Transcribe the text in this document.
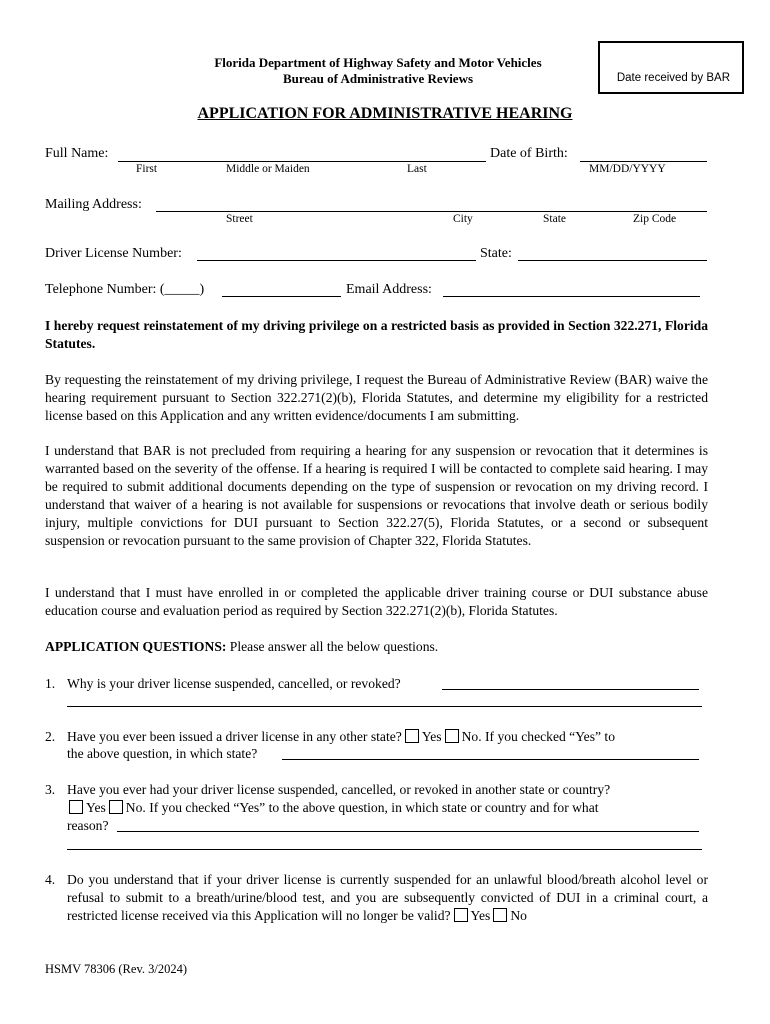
Florida Department of Highway Safety and Motor Vehicles
Bureau of Administrative Reviews	Date received by BAR
APPLICATION FOR ADMINISTRATIVE HEARING
Full Name:	Date of Birth:
First	Middle or Maiden	Last	MM/DD/YYYY
Mailing Address:
Street	City	State	Zip Code
Driver License Number:	State:
Telephone Number: (_____)	Email Address:
I hereby request reinstatement of my driving privilege on a restricted basis as provided in Section 322.271, Florida Statutes.
By requesting the reinstatement of my driving privilege, I request the Bureau of Administrative Review (BAR) waive the hearing requirement pursuant to Section 322.271(2)(b), Florida Statutes, and determine my eligibility for a restricted license based on this Application and any written evidence/documents I am submitting.
I understand that BAR is not precluded from requiring a hearing for any suspension or revocation that it determines is warranted based on the severity of the offense. If a hearing is required I will be contacted to complete said hearing. I may be required to submit additional documents depending on the type of suspension or revocation on my driving record. I understand that waiver of a hearing is not available for suspensions or revocations that involve death or serious bodily injury, multiple convictions for DUI pursuant to Section 322.27(5), Florida Statutes, or a second or subsequent suspension or revocation pursuant to the same provision of Chapter 322, Florida Statutes.
I understand that I must have enrolled in or completed the applicable driver training course or DUI substance abuse education course and evaluation period as required by Section 322.271(2)(b), Florida Statutes.
APPLICATION QUESTIONS: Please answer all the below questions.
1. Why is your driver license suspended, cancelled, or revoked?
2. Have you ever been issued a driver license in any other state? Yes No. If you checked “Yes” to
the above question, in which state?
3. Have you ever had your driver license suspended, cancelled, or revoked in another state or country?
Yes No. If you checked “Yes” to the above question, in which state or country and for what
reason?
4. Do you understand that if your driver license is currently suspended for an unlawful blood/breath alcohol level or refusal to submit to a breath/urine/blood test, and you are subsequently convicted of DUI in a criminal court, a restricted license received via this Application will no longer be valid? Yes No
HSMV 78306 (Rev. 3/2024)
